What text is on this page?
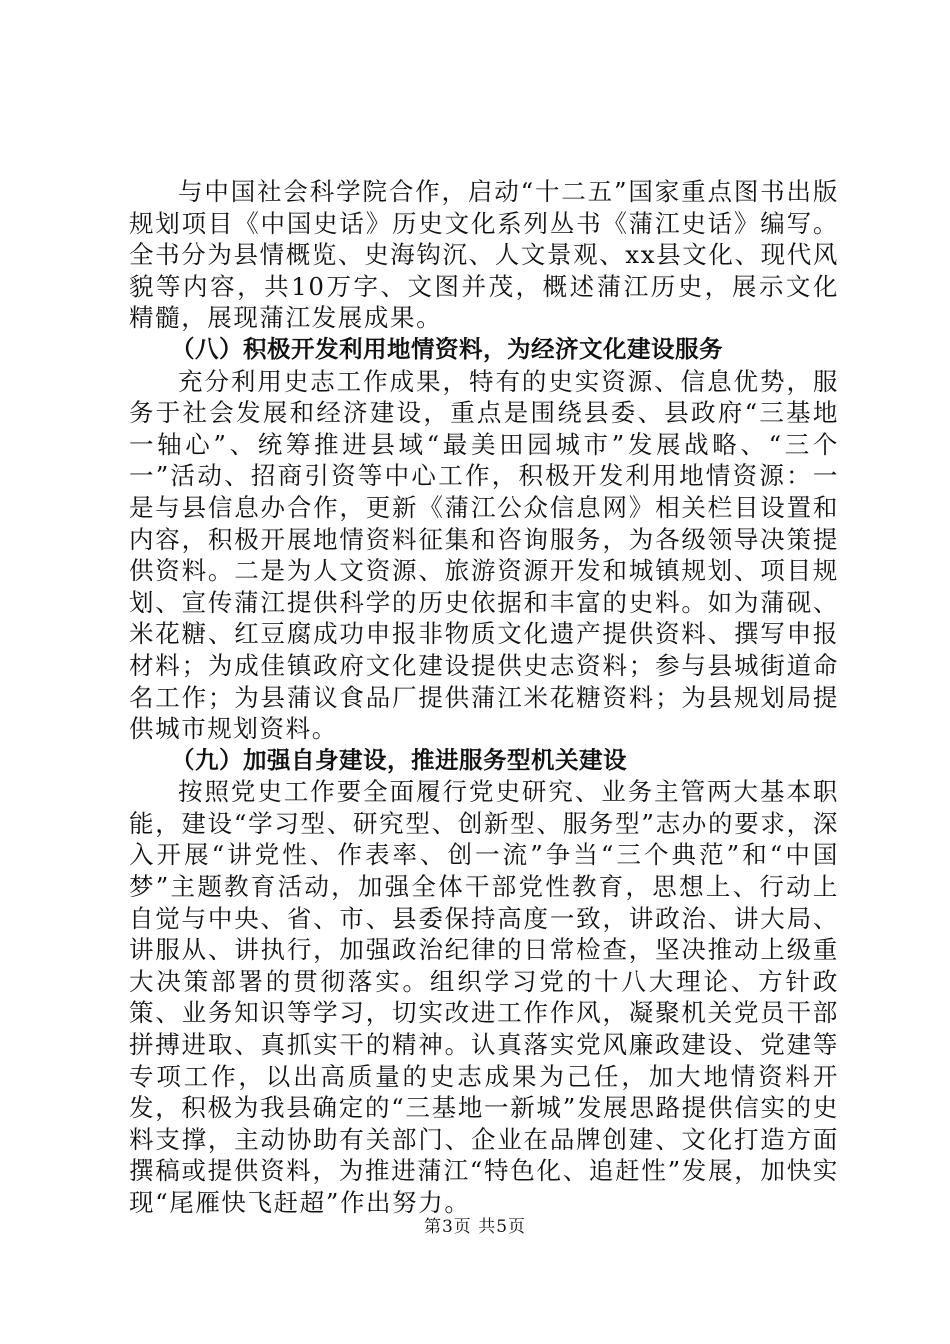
与中国社会科学院合作，启动“十二五”国家重点图书出版规划项目《中国史话》历史文化系列丛书《蒲江史话》编写。全书分为县情概览、史海钩沉、人文景观、xx县文化、现代风貌等内容，共10万字、文图并茂，概述蒲江历史，展示文化精髓，展现蒲江发展成果。

（八）积极开发利用地情资料，为经济文化建设服务

充分利用史志工作成果，特有的史实资源、信息优势，服务于社会发展和经济建设，重点是围绕县委、县政府“三基地一轴心”、统筹推进县域“最美田园城市”发展战略、“三个一”活动、招商引资等中心工作，积极开发利用地情资源：一是与县信息办合作，更新《蒲江公众信息网》相关栏目设置和内容，积极开展地情资料征集和咨询服务，为各级领导决策提供资料。二是为人文资源、旅游资源开发和城镇规划、项目规划、宣传蒲江提供科学的历史依据和丰富的史料。如为蒲砚、米花糖、红豆腐成功申报非物质文化遗产提供资料、撰写申报材料；为成佳镇政府文化建设提供史志资料；参与县城街道命名工作；为县蒲议食品厂提供蒲江米花糖资料；为县规划局提供城市规划资料。

（九）加强自身建设，推进服务型机关建设

按照党史工作要全面履行党史研究、业务主管两大基本职能，建设“学习型、研究型、创新型、服务型”志办的要求，深入开展“讲党性、作表率、创一流”争当“三个典范”和“中国梦”主题教育活动，加强全体干部党性教育，思想上、行动上自觉与中央、省、市、县委保持高度一致，讲政治、讲大局、讲服从、讲执行，加强政治纪律的日常检查，坚决推动上级重大决策部署的贯彻落实。组织学习党的十八大理论、方针政策、业务知识等学习，切实改进工作作风，凝聚机关党员干部拼搏进取、真抓实干的精神。认真落实党风廉政建设、党建等专项工作，以出高质量的史志成果为己任，加大地情资料开发，积极为我县确定的“三基地一新城”发展思路提供信实的史料支撑，主动协助有关部门、企业在品牌创建、文化打造方面撰稿或提供资料，为推进蒲江“特色化、追赶性”发展，加快实现“尾雁快飞赶超”作出努力。

第3页 共5页
